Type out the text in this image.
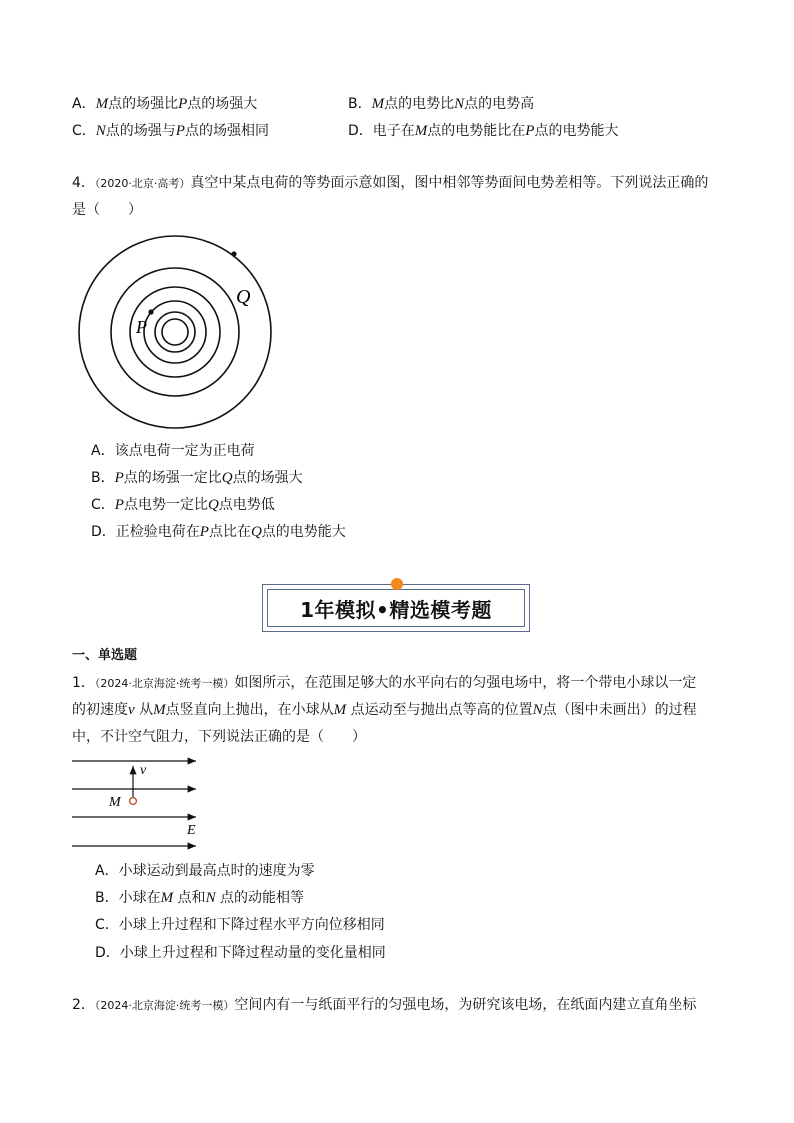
A．M点的场强比P点的场强大	B．M点的电势比N点的电势高
C．N点的场强与P点的场强相同	D．电子在M点的电势能比在P点的电势能大
4．（2020·北京·高考）真空中某点电荷的等势面示意如图，图中相邻等势面间电势差相等。下列说法正确的
是（　　）
P
Q
A．该点电荷一定为正电荷
B．P点的场强一定比Q点的场强大
C．P点电势一定比Q点电势低
D．正检验电荷在P点比在Q点的电势能大
1年模拟•精选模考题
一、单选题
1．（2024·北京海淀·统考一模）如图所示，在范围足够大的水平向右的匀强电场中，将一个带电小球以一定
的初速度v 从M点竖直向上抛出，在小球从M 点运动至与抛出点等高的位置N点（图中未画出）的过程
中，不计空气阻力，下列说法正确的是（　　）
v
M
E
A．小球运动到最高点时的速度为零
B．小球在M 点和N 点的动能相等
C．小球上升过程和下降过程水平方向位移相同
D．小球上升过程和下降过程动量的变化量相同
2．（2024·北京海淀·统考一模）空间内有一与纸面平行的匀强电场，为研究该电场，在纸面内建立直角坐标
